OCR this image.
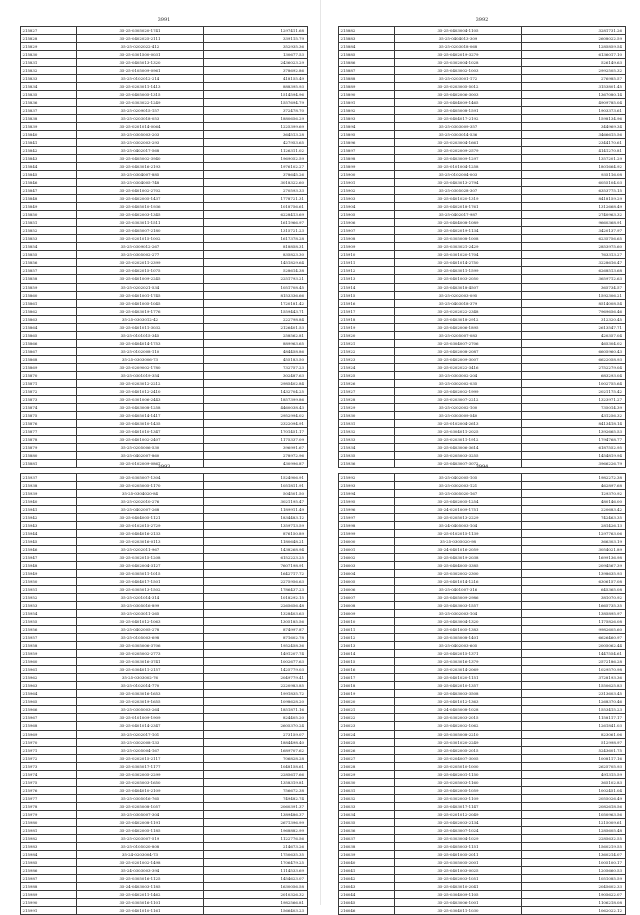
3991
215827	35-25-0305020-1741	1297411.68
215828	35-25-0402025-2111	339115.79
215829	35-25-0202022-412	352935.36
215830	35-25-0301500-0031	130677.53
215831	35-25-0405013-1320	2436023.29
215832	35-25-0105009-0961	378692.86
215833	35-25-0102012-214	418155.49
215834	35-25-0203011-1413	888395.93
215835	35-25-0405005-1315	1514594.96
215836	35-25-0303022-1249	1557694.79
215837	35-25-0209015-157	372478.70
215838	35-25-0203018-053	1880656.29
215839	35-25-0201014-0064	1225399.69
215840	35-25-0305003-203	364513.28
215841	35-25-0302003-293	427953.65
215842	35-25-0402017-568	1126311.02
215843	35-25-0405002-3940	1969052.59
215844	35-25-0403016-2193	1976102.27
215845	35-25-0304007-885	378645.26
215846	35-25-0304005-748	3018322.60
215847	35-25-0401002-2702	270593.33
215848	35-25-0402005-1437	1778721.31
215849	35-25-0405010-1936	1018756.61
215850	35-25-0402003-1345	6228413.69
215851	35-25-0303011-1511	1611966.97
215852	35-25-0405007-2180	1315721.23
215853	35-25-0201015-1002	1617378.28
215854	35-25-0309012-267	818858.31
215855	35-25-0305002-277	835823.30
215856	35-25-0202011-2399	1451829.64
215857	35-25-0402015-1075	528614.38
215858	35-25-0401009-2245	2251793.21
215859	35-25-0202021-534	1051708.45
215860	35-25-0401001-1745	8153336.66
215861	35-25-0401005-1045	1720181.42
215862	35-25-0403019-1776	1559443.71
215863	35-25-0303012-42	222798.84
215864	35-25-0401011-3032	2126401.53
215865	35-25-0101015-345	258562.81
215866	35-25-0404014-1753	889963.65
215867	35-25-0102008-110	484458.86
215868	35-25-0303006-73	455183.50
215869	35-25-0209002-1780	732757.23
215870	35-25-0301019-354	302487.63
215871	35-25-0203012-2212	2985402.84
215872	35-25-0401012-2410	1432704.25
215873	35-25-0301006-2443	1857399.86
215874	35-25-0403008-1258	4460038.43
215875	35-25-0405014-1417	2952994.02
215876	35-25-0403010-1435	2322094.91
215877	35-25-0401010-1347	1701451.17
215878	35-25-0401002-2407	1175337.09
215879	35-25-0205006-530	396991.67
215880	35-25-0402007-860	278972.96
215881	35-25-0102009-0867	430996.87
3992
215882	35-25-0403004-1105	3281731.26
215883	35-25-0404013-309	2608022.59
215884	35-25-0203018-068	1285859.54
215885	35-25-0402019-3279	6136017.10
215886	35-25-0302004-1028	526149.63
215887	35-25-0403002-1003	2992505.32
215888	35-25-0203001-172	276985.57
215889	35-25-0203005-5012	3153801.45
215890	35-25-0402006-3003	1367080.14
215891	35-25-0404009-1465	4909785.04
215892	35-25-0405008-1591	1903373.61
215893	35-25-0404017-2192	1598134.96
215894	35-25-0303009-357	344969.34
215895	35-25-0303014-536	3466615.56
215896	35-25-0203004-1661	2344170.61
215897	35-25-0202009-2579	4141270.81
215898	35-25-0403009-1297	1357201.29
215899	35-25-0101004-1258	1801664.92
215900	35-25-0102004-003	935116.08
215901	35-25-0403013-2794	6055104.03
215902	35-25-0305028-307	6353775.15
215903	35-25-0401020-1319	8418159.29
215904	35-25-0402018-1761	1312668.49
215905	35-25-0402017-987	2740963.32
215906	35-25-0404008-1089	9660368.91
215907	35-25-0402019-1134	3420137.97
215908	35-25-0305008-1008	6235756.65
215909	35-25-0303021-2429	2853975.60
215910	35-25-0301020-1704	763313.27
215911	35-25-0401014-2750	3228616.47
215912	35-25-0403011-1599	6268513.68
215913	35-25-0401003-2050	3659712.63
215914	35-25-0403018-4507	365734.57
215915	35-25-0202003-095	1592306.21
215916	35-25-0403018-379	8514008.54
215917	35-25-0202022-2348	7969656.46
215918	35-25-0403018-2912	312320.45
215919	35-25-0402006-1895	2613547.71
215920	35-25-0205007-083	420357.04
215921	35-25-0304007-2706	465304.02
215922	35-25-0402008-2087	6605960.43
215923	35-25-0402009-3007	6622058.93
215924	35-25-0202022-3416	2752279.04
215925	35-25-0303002-204	683293.04
215926	35-25-0302002-035	1002755.64
215927	35-25-0402002-1999	2021175.42
215928	35-25-0203007-2212	1323971.27
215929	35-25-0202002-100	735014.39
215930	35-25-0303009-540	431256.32
215931	35-25-0102004-2613	8413418.14
215932	35-25-0304011-2025	1392665.53
215933	35-25-0203011-1912	1794768.77
215934	35-25-0403006-3614	6187552.95
215935	35-25-0205003-3255	1454819.94
215936	35-25-0403007-3072	3966226.79
3993
215937	35-25-0305007-1304	1524906.91
215938	35-25-0205005-1170	1051811.91
215939	35-25-0304020-84	504501.50
215940	35-25-0202010-276	3021195.47
215941	35-25-0402007-268	1189911.49
215942	35-25-0404005-1121	1834483.12
215943	35-25-0102015-2729	1359713.59
215944	35-25-0404016-2133	876150.89
215945	35-25-0203016-0113	1180648.21
215946	35-25-0202011-967	1438268.94
215947	35-25-0302015-1208	6152223.25
215948	35-25-0402004-3127	7607198.91
215949	35-25-0305011-1015	1642717.72
215950	35-25-0404017-1501	2275956.63
215951	35-25-0305013-1502	1786437.23
215952	35-25-0201014-314	1018292.15
215953	35-25-0305016-899	2265656.48
215954	35-25-0203011-265	1328403.63
215955	35-25-0401012-1063	1305185.56
215956	35-25-0402005-278	874997.87
215957	35-25-0105003-698	871602.78
215958	35-25-0305006-3706	1952458.36
215959	35-25-0205002-2773	1491207.74
215960	35-25-0303016-3741	1002677.63
215961	35-25-0304011-2157	1425779.03
215962	35-25-0303002-76	2049779.41
215963	35-25-0102014-770	2220983.85
215964	35-25-0303016-1653	1991835.72
215965	35-25-0203019-1655	1098628.20
215966	35-25-0305003-264	1851871.16
215967	35-25-0101009-1909	824405.20
215968	35-25-0401014-2347	2605370.24
215969	35-25-0202017-101	273159.07
215970	35-25-0302008-133	1884498.40
215971	35-25-0205004-167	1689707.62
215972	35-25-0202015-2117	706828.28
215973	35-25-0305017-1177	1048158.61
215974	35-25-0302005-2299	2285617.66
215975	35-25-0205003-1650	1358319.81
215976	35-25-0404010-2109	756672.38
215977	35-25-0305016-765	749482.74
215978	35-25-0205008-1057	2060391.37
215979	35-25-0305007-304	1389486.37
215980	35-25-0402008-1191	2671396.99
215981	35-25-0402005-1185	1968882.99
215982	35-25-0203007-519	1122776.56
215983	35-25-0105020-808	214673.26
215984	35-24-0203004-73	1750635.35
215985	35-25-0201002-1498	1706479.25
215986	35-24-0303003-394	1114533.69
215987	35-25-0305016-1125	1454623.07
215988	35-24-0403003-1185	1630056.58
215989	35-25-0402011-1462	2010326.32
215990	35-25-0305016-1101	1982566.81
215991	35-25-0401010-1161	1566403.23
3994
215992	35-25-0402005-105	1982272.38
215993	35-25-0302003-121	462897.68
215994	35-25-0305020-167	129370.92
215995	35-25-0402005-1254	480146.00
215996	35-24-0201009-1751	220683.42
215997	35-25-0205013-2229	742463.35
215998	35-24-0405003-104	281426.13
215999	35-25-0102015-1139	1297763.06
216000	35-25-0305020-98	366303.19
216001	35-24-0401016-2059	3054021.89
216002	35-25-0403019-2038	1699136.98
216003	35-25-0404005-3385	2094567.39
216004	35-25-0302002-2300	1398635.93
216005	35-25-0401014-1216	6306157.08
216006	35-25-0401007-316	645365.08
216007	35-25-0405009-2986	381070.92
216008	35-25-0403003-1557	1665735.35
216009	35-25-0302003-104	1385895.97
216010	35-25-0403004-1320	1175826.08
216011	35-25-0401005-1383	9982605.60
216012	35-25-0305008-1401	6626460.97
216013	35-25-0402003-605	2005062.44
216014	35-25-0402015-1371	1447554.61
216015	35-25-0303016-1379	2572186.28
216016	35-25-0203014-2069	1029570.98
216017	35-25-0401020-1151	3728193.36
216018	35-25-0402010-1357	1550625.83
216019	35-25-0403003-3508	2313603.45
216020	35-25-0401012-1363	1268370.46
216021	35-24-0405008-1028	1553415.23
216022	35-25-0302003-2015	1158117.17
216023	35-25-0402002-1062	1261841.03
216024	35-25-0305008-2210	823061.06
216025	35-25-0301020-2249	512998.97
216026	35-25-0402005-2015	5243601.75
216027	35-25-0204007-3005	1008117.16
216028	35-25-0205010-1000	2625705.93
216029	35-25-0402001-1150	491315.59
216030	35-25-0205003-1160	365102.83
216031	35-25-0402005-1059	1002451.04
216032	35-25-0302003-1109	2055026.49
216033	35-25-0403017-1147	2082618.56
216034	35-25-0201012-2049	1050963.56
216035	35-25-0402003-2134	1215009.61
216036	35-25-0403007-1024	1285605.48
216037	35-25-0303004-1029	2285632.55
216038	35-25-0405003-1151	1560219.55
216039	35-25-0401005-2011	1360214.07
216040	35-25-0305005-2001	1005100.17
216041	35-25-0401003-0025	1205660.53
216042	35-25-0402003-1051	1051085.59
216043	35-25-0403010-2041	2045602.33
216044	35-25-0304009-1105	1905622.07
216045	35-25-0403006-1001	1106218.08
216046	35-25-0304011-1030	1062022.12
